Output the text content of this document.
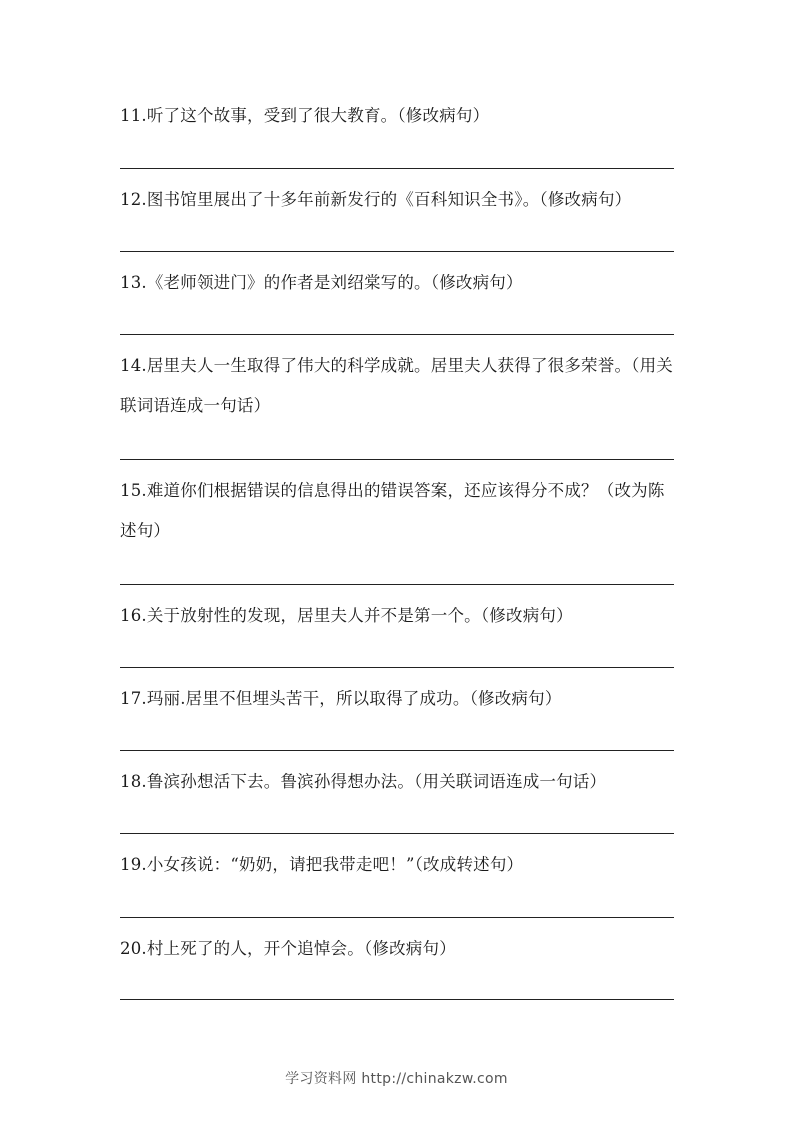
11.听了这个故事，受到了很大教育。（修改病句）
12.图书馆里展出了十多年前新发行的《百科知识全书》。（修改病句）
13.《老师领进门》的作者是刘绍棠写的。（修改病句）
14.居里夫人一生取得了伟大的科学成就。居里夫人获得了很多荣誉。（用关联词语连成一句话）
15.难道你们根据错误的信息得出的错误答案，还应该得分不成？（改为陈述句）
16.关于放射性的发现，居里夫人并不是第一个。（修改病句）
17.玛丽.居里不但埋头苦干，所以取得了成功。（修改病句）
18.鲁滨孙想活下去。鲁滨孙得想办法。（用关联词语连成一句话）
19.小女孩说：“奶奶，请把我带走吧！”（改成转述句）
20.村上死了的人，开个追悼会。（修改病句）
学习资料网 http://chinakzw.com
